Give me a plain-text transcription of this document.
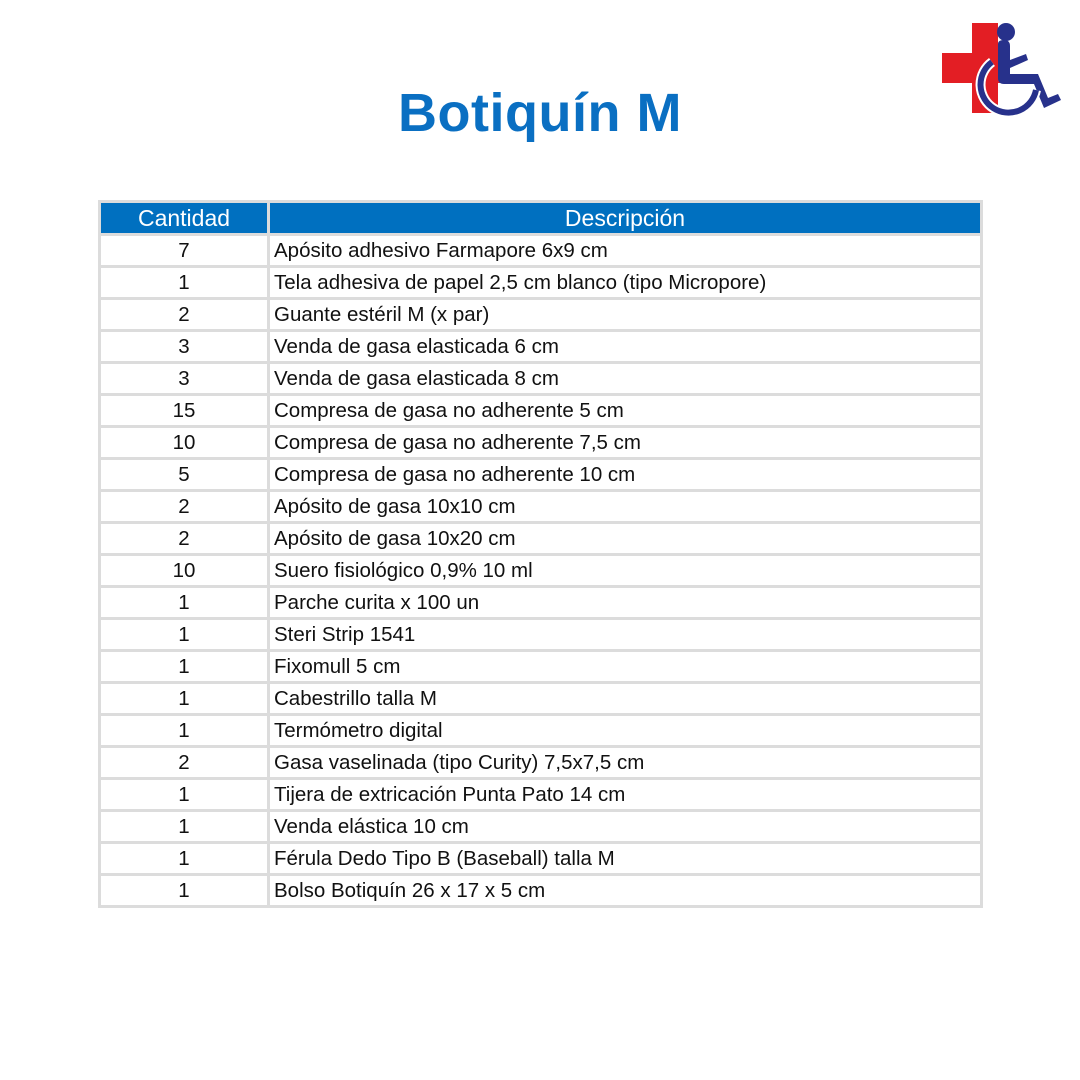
Botiquín M
Cantidad	Descripción
7	Apósito adhesivo Farmapore 6x9 cm
1	Tela adhesiva de papel 2,5 cm blanco (tipo Micropore)
2	Guante estéril M (x par)
3	Venda de gasa elasticada 6 cm
3	Venda de gasa elasticada 8 cm
15	Compresa de gasa no adherente 5 cm
10	Compresa de gasa no adherente 7,5 cm
5	Compresa de gasa no adherente 10 cm
2	Apósito de gasa 10x10 cm
2	Apósito de gasa 10x20 cm
10	Suero fisiológico 0,9% 10 ml
1	Parche curita x 100 un
1	Steri Strip 1541
1	Fixomull 5 cm
1	Cabestrillo talla M
1	Termómetro digital
2	Gasa vaselinada (tipo Curity) 7,5x7,5 cm
1	Tijera de extricación Punta Pato 14 cm
1	Venda elástica 10 cm
1	Férula Dedo Tipo B (Baseball) talla M
1	Bolso Botiquín 26 x 17 x 5 cm
